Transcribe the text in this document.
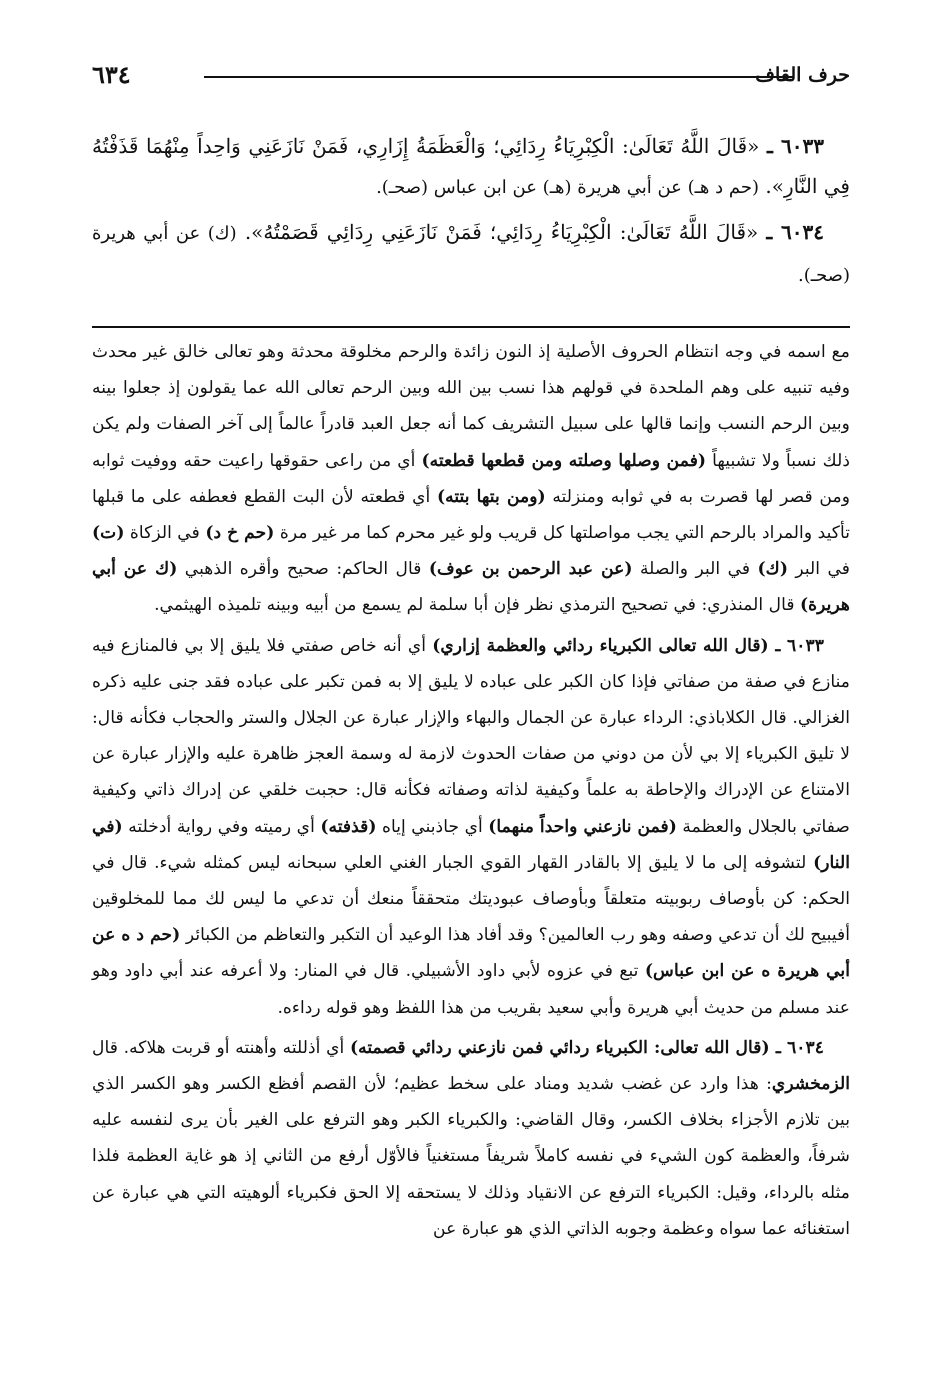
حرف القاف
٦٣٤

٦٠٣٣ ـ «قَالَ اللَّهُ تَعَالَىٰ: الْكِبْرِيَاءُ رِدَائِي؛ وَالْعَظَمَةُ إِزَارِي، فَمَنْ نَازَعَنِي وَاحِداً مِنْهُمَا قَذَفْتُهُ فِي النَّارِ». (حم د هـ) عن أبي هريرة (هـ) عن ابن عباس (صحـ).

٦٠٣٤ ـ «قَالَ اللَّهُ تَعَالَىٰ: الْكِبْرِيَاءُ رِدَائِي؛ فَمَنْ نَازَعَنِي رِدَائِي قَصَمْتُهُ». (ك) عن أبي هريرة (صحـ).

مع اسمه في وجه انتظام الحروف الأصلية إذ النون زائدة والرحم مخلوقة محدثة وهو تعالى خالق غير محدث وفيه تنبيه على وهم الملحدة في قولهم هذا نسب بين الله وبين الرحم تعالى الله عما يقولون إذ جعلوا بينه وبين الرحم النسب وإنما قالها على سبيل التشريف كما أنه جعل العبد قادراً عالماً إلى آخر الصفات ولم يكن ذلك نسباً ولا تشبيهاً (فمن وصلها وصلته ومن قطعها قطعته) أي من راعى حقوقها راعيت حقه ووفيت ثوابه ومن قصر لها قصرت به في ثوابه ومنزلته (ومن بتها بتته) أي قطعته لأن البت القطع فعطفه على ما قبلها تأكيد والمراد بالرحم التي يجب مواصلتها كل قريب ولو غير محرم كما مر غير مرة (حم خ د) في الزكاة (ت) في البر (ك) في البر والصلة (عن عبد الرحمن بن عوف) قال الحاكم: صحيح وأقره الذهبي (ك عن أبي هريرة) قال المنذري: في تصحيح الترمذي نظر فإن أبا سلمة لم يسمع من أبيه وبينه تلميذه الهيثمي.

٦٠٣٣ ـ (قال الله تعالى الكبرياء ردائي والعظمة إزاري) أي أنه خاص صفتي فلا يليق إلا بي فالمنازع فيه منازع في صفة من صفاتي فإذا كان الكبر على عباده لا يليق إلا به فمن تكبر على عباده فقد جنى عليه ذكره الغزالي. قال الكلاباذي: الرداء عبارة عن الجمال والبهاء والإزار عبارة عن الجلال والستر والحجاب فكأنه قال: لا تليق الكبرياء إلا بي لأن من دوني من صفات الحدوث لازمة له وسمة العجز ظاهرة عليه والإزار عبارة عن الامتناع عن الإدراك والإحاطة به علماً وكيفية لذاته وصفاته فكأنه قال: حجبت خلقي عن إدراك ذاتي وكيفية صفاتي بالجلال والعظمة (فمن نازعني واحداً منهما) أي جاذبني إياه (قذفته) أي رميته وفي رواية أدخلته (في النار) لتشوفه إلى ما لا يليق إلا بالقادر القهار القوي الجبار الغني العلي سبحانه ليس كمثله شيء. قال في الحكم: كن بأوصاف ربوبيته متعلقاً وبأوصاف عبوديتك متحققاً منعك أن تدعي ما ليس لك مما للمخلوقين أفيبيح لك أن تدعي وصفه وهو رب العالمين؟ وقد أفاد هذا الوعيد أن التكبر والتعاظم من الكبائر (حم د ه عن أبي هريرة ه عن ابن عباس) تبع في عزوه لأبي داود الأشبيلي. قال في المنار: ولا أعرفه عند أبي داود وهو عند مسلم من حديث أبي هريرة وأبي سعيد بقريب من هذا اللفظ وهو قوله رداءه.

٦٠٣٤ ـ (قال الله تعالى: الكبرياء ردائي فمن نازعني ردائي قصمته) أي أذللته وأهنته أو قربت هلاكه. قال الزمخشري: هذا وارد عن غضب شديد ومناد على سخط عظيم؛ لأن القصم أفظع الكسر وهو الكسر الذي بين تلازم الأجزاء بخلاف الكسر، وقال القاضي: والكبرياء الكبر وهو الترفع على الغير بأن يرى لنفسه عليه شرفاً، والعظمة كون الشيء في نفسه كاملاً شريفاً مستغنياً فالأوّل أرفع من الثاني إذ هو غاية العظمة فلذا مثله بالرداء، وقيل: الكبرياء الترفع عن الانقياد وذلك لا يستحقه إلا الحق فكبرياء ألوهيته التي هي عبارة عن استغنائه عما سواه وعظمة وجوبه الذاتي الذي هو عبارة عن
